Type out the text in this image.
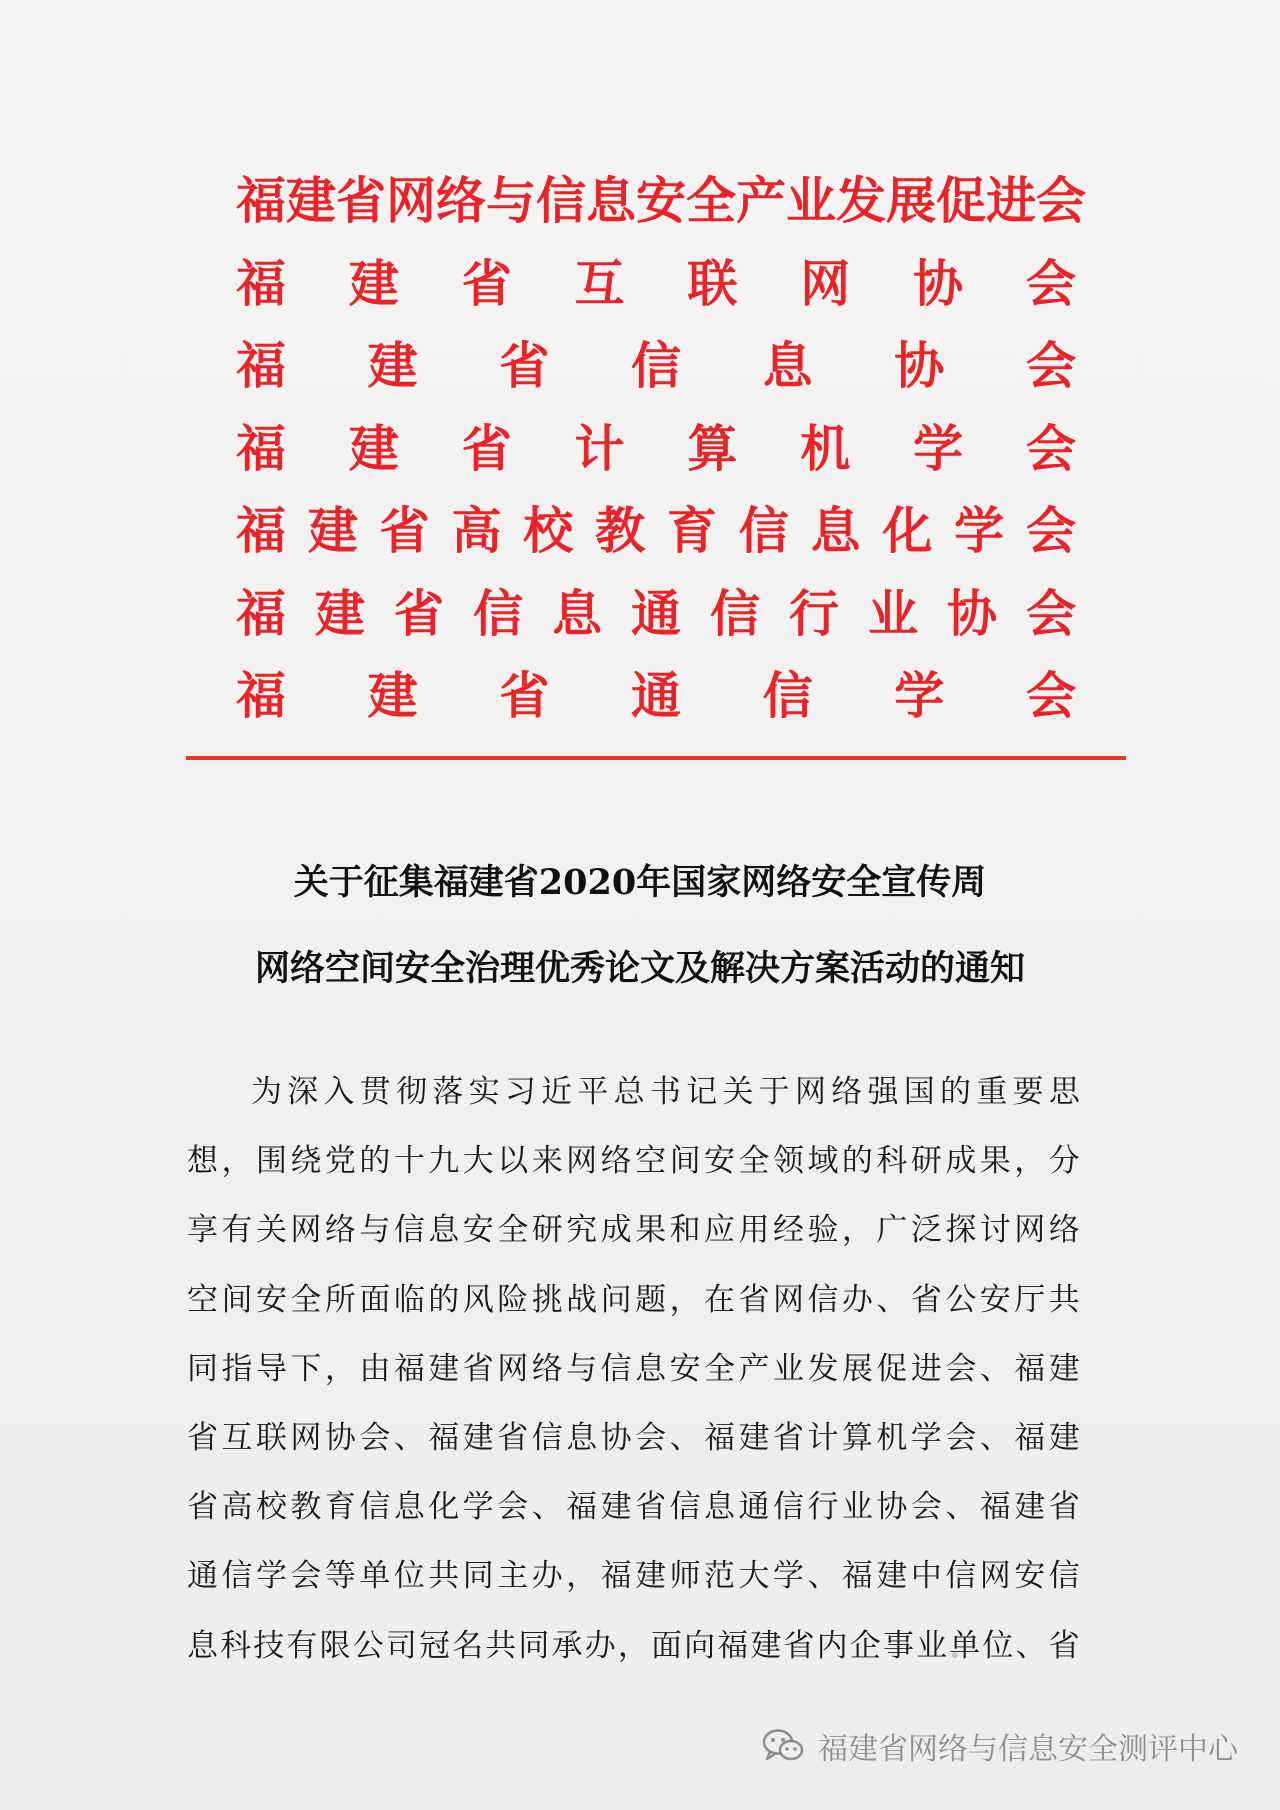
福 建 省 网 络 与 信 息 安 全 产 业 发 展 促 进 会
福 建 省 互 联 网 协 会
福 建 省 信 息 协 会
福 建 省 计 算 机 学 会
福 建 省 高 校 教 育 信 息 化 学 会
福 建 省 信 息 通 信 行 业 协 会
福 建 省 通 信 学 会
关于征集福建省2020年国家网络安全宣传周
网络空间安全治理优秀论文及解决方案活动的通知
为 深 入 贯 彻 落 实 习 近 平 总 书 记 关 于 网 络 强 国 的 重 要 思
想 ， 围 绕 党 的 十 九 大 以 来 网 络 空 间 安 全 领 域 的 科 研 成 果 ， 分
享 有 关 网 络 与 信 息 安 全 研 究 成 果 和 应 用 经 验 ， 广 泛 探 讨 网 络
空 间 安 全 所 面 临 的 风 险 挑 战 问 题 ， 在 省 网 信 办 、 省 公 安 厅 共
同 指 导 下 ， 由 福 建 省 网 络 与 信 息 安 全 产 业 发 展 促 进 会 、 福 建
省 互 联 网 协 会 、 福 建 省 信 息 协 会 、 福 建 省 计 算 机 学 会 、 福 建
省 高 校 教 育 信 息 化 学 会 、 福 建 省 信 息 通 信 行 业 协 会 、 福 建 省
通 信 学 会 等 单 位 共 同 主 办 ， 福 建 师 范 大 学 、 福 建 中 信 网 安 信
息 科 技 有 限 公 司 冠 名 共 同 承 办 ， 面 向 福 建 省 内 企 事 业 单 位 、 省
福建省网络与信息安全测评中心
